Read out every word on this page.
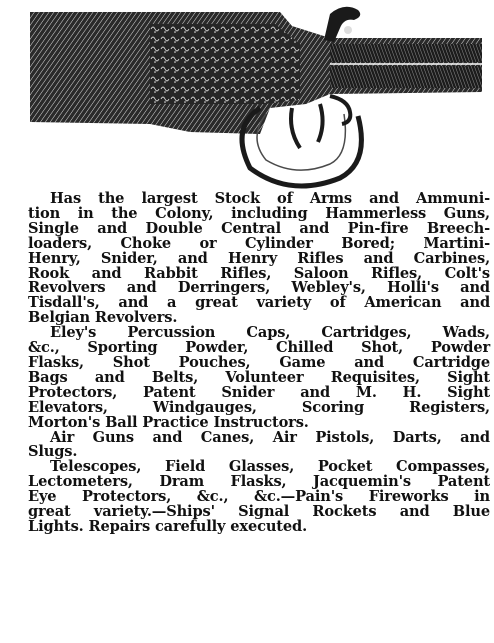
Has the largest Stock of Arms and Ammuni-
tion in the Colony, including Hammerless Guns,
Single and Double Central and Pin-fire Breech-
loaders, Choke or Cylinder Bored; Martini-
Henry, Snider, and Henry Rifles and Carbines,
Rook and Rabbit Rifles, Saloon Rifles, Colt's
Revolvers and Derringers, Webley's, Holli's and
Tisdall's, and a great variety of American and
Belgian Revolvers.
Eley's Percussion Caps, Cartridges, Wads,
&c., Sporting Powder, Chilled Shot, Powder
Flasks, Shot Pouches, Game and Cartridge
Bags and Belts, Volunteer Requisites, Sight
Protectors, Patent Snider and M. H. Sight
Elevators, Windgauges, Scoring Registers,
Morton's Ball Practice Instructors.
Air Guns and Canes, Air Pistols, Darts, and
Slugs.
Telescopes, Field Glasses, Pocket Compasses,
Lectometers, Dram Flasks, Jacquemin's Patent
Eye Protectors, &c., &c.—Pain's Fireworks in
great variety.—Ships' Signal Rockets and Blue
Lights. Repairs carefully executed.
